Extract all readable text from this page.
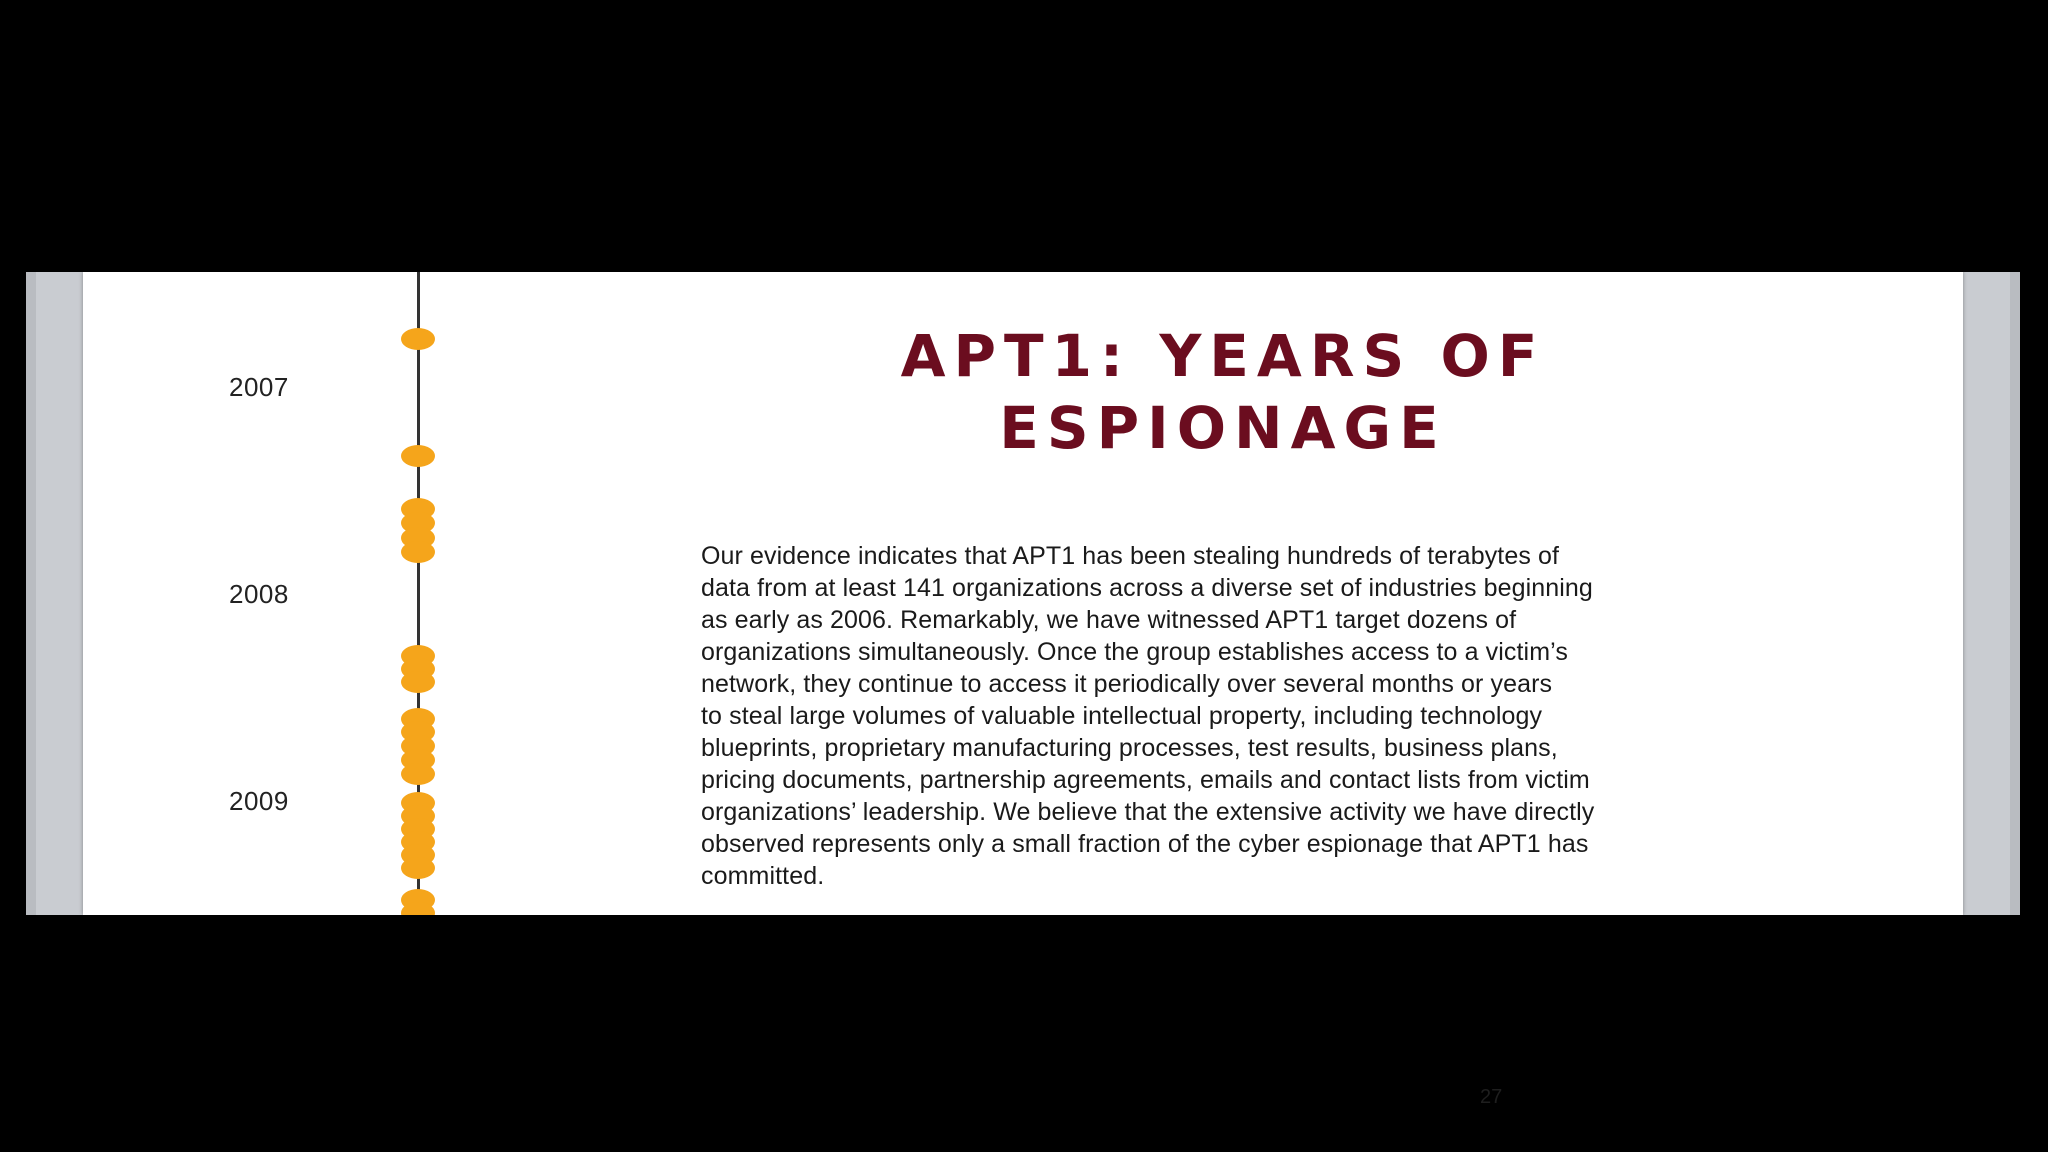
2007
2008
2009
APT1: YEARS OF
ESPIONAGE
Our evidence indicates that APT1 has been stealing hundreds of terabytes of
data from at least 141 organizations across a diverse set of industries beginning
as early as 2006. Remarkably, we have witnessed APT1 target dozens of
organizations simultaneously. Once the group establishes access to a victim’s
network, they continue to access it periodically over several months or years
to steal large volumes of valuable intellectual property, including technology
blueprints, proprietary manufacturing processes, test results, business plans,
pricing documents, partnership agreements, emails and contact lists from victim
organizations’ leadership. We believe that the extensive activity we have directly
observed represents only a small fraction of the cyber espionage that APT1 has
committed.
27
